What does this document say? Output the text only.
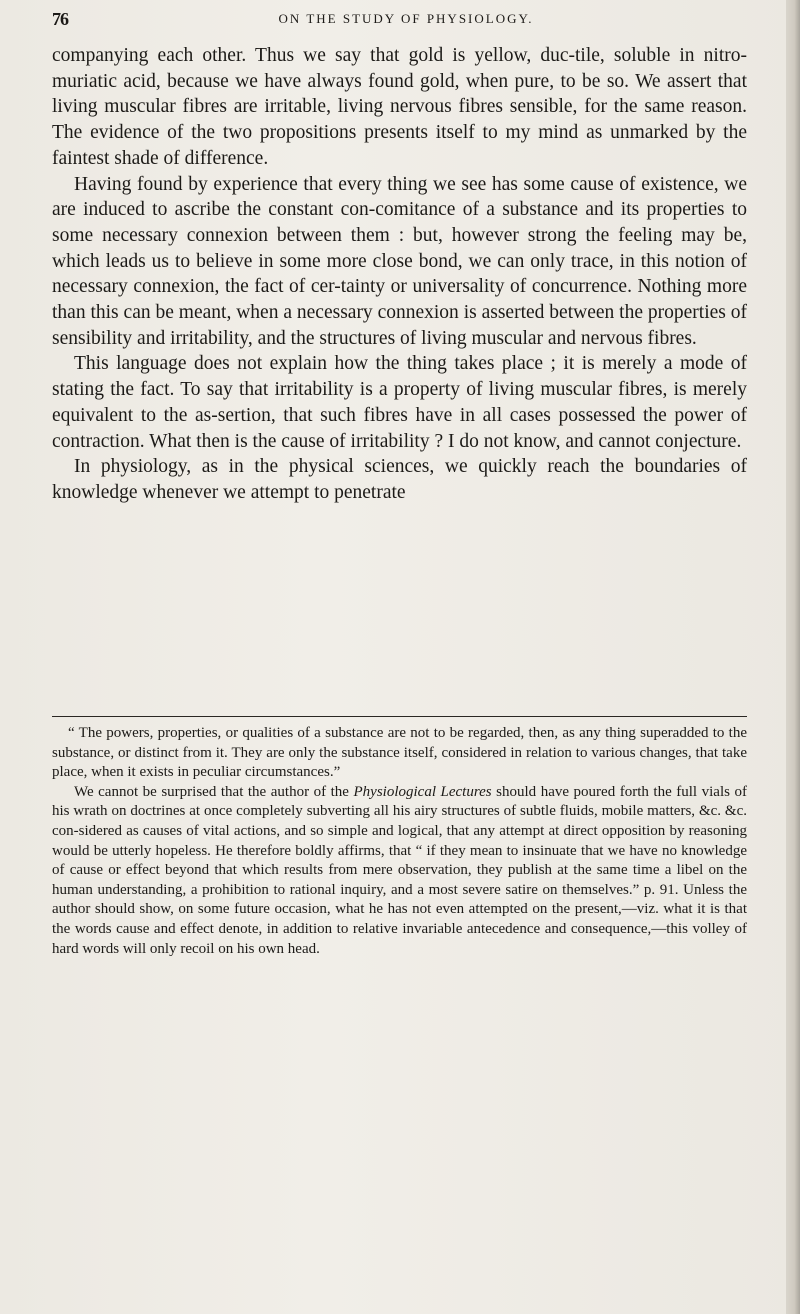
76	ON THE STUDY OF PHYSIOLOGY.

companying each other. Thus we say that gold is yellow, duc-tile, soluble in nitro-muriatic acid, because we have always found gold, when pure, to be so. We assert that living muscular fibres are irritable, living nervous fibres sensible, for the same reason. The evidence of the two propositions presents itself to my mind as unmarked by the faintest shade of difference.

Having found by experience that every thing we see has some cause of existence, we are induced to ascribe the constant con-comitance of a substance and its properties to some necessary connexion between them : but, however strong the feeling may be, which leads us to believe in some more close bond, we can only trace, in this notion of necessary connexion, the fact of cer-tainty or universality of concurrence. Nothing more than this can be meant, when a necessary connexion is asserted between the properties of sensibility and irritability, and the structures of living muscular and nervous fibres.

This language does not explain how the thing takes place ; it is merely a mode of stating the fact. To say that irritability is a property of living muscular fibres, is merely equivalent to the as-sertion, that such fibres have in all cases possessed the power of contraction. What then is the cause of irritability ? I do not know, and cannot conjecture.

In physiology, as in the physical sciences, we quickly reach the boundaries of knowledge whenever we attempt to penetrate

“ The powers, properties, or qualities of a substance are not to be regarded, then, as any thing superadded to the substance, or distinct from it. They are only the substance itself, considered in relation to various changes, that take place, when it exists in peculiar circumstances.”

We cannot be surprised that the author of the Physiological Lectures should have poured forth the full vials of his wrath on doctrines at once completely subverting all his airy structures of subtle fluids, mobile matters, &c. &c. con-sidered as causes of vital actions, and so simple and logical, that any attempt at direct opposition by reasoning would be utterly hopeless. He therefore boldly affirms, that “ if they mean to insinuate that we have no knowledge of cause or effect beyond that which results from mere observation, they publish at the same time a libel on the human understanding, a prohibition to rational inquiry, and a most severe satire on themselves.” p. 91. Unless the author should show, on some future occasion, what he has not even attempted on the present,—viz. what it is that the words cause and effect denote, in addition to relative invariable antecedence and consequence,—this volley of hard words will only recoil on his own head.
